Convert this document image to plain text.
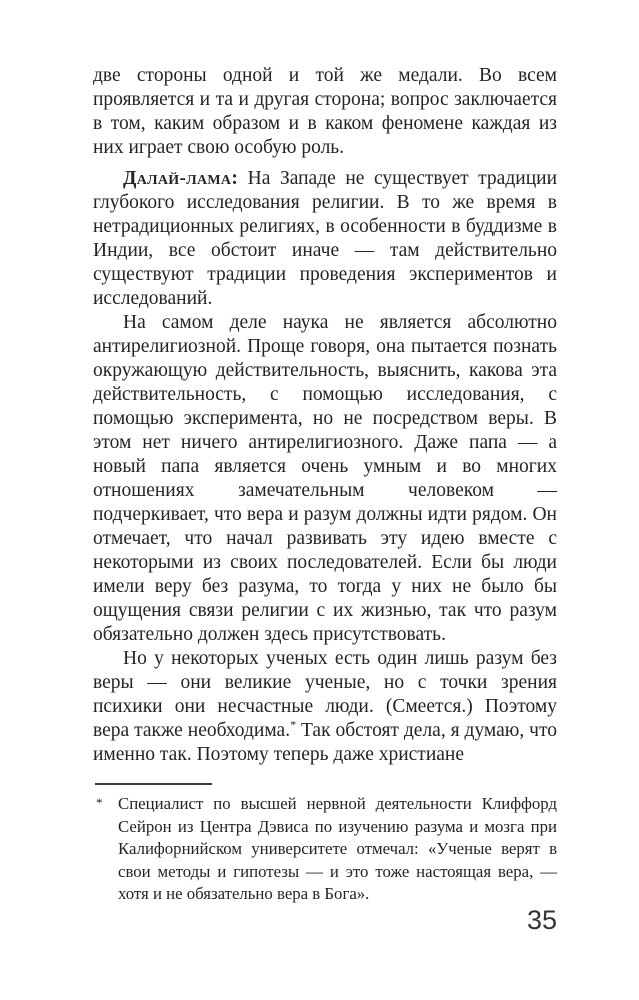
две стороны одной и той же медали. Во всем проявляется и та и другая сторона; вопрос заключается в том, каким образом и в каком феномене каждая из них играет свою особую роль.

Далай-лама: На Западе не существует традиции глубокого исследования религии. В то же время в нетрадиционных религиях, в особенности в буддизме в Индии, все обстоит иначе — там действительно существуют традиции проведения экспериментов и исследований.

На самом деле наука не является абсолютно антирелигиозной. Проще говоря, она пытается познать окружающую действительность, выяснить, какова эта действительность, с помощью исследования, с помощью эксперимента, но не посредством веры. В этом нет ничего антирелигиозного. Даже папа — а новый папа является очень умным и во многих отношениях замечательным человеком — подчеркивает, что вера и разум должны идти рядом. Он отмечает, что начал развивать эту идею вместе с некоторыми из своих последователей. Если бы люди имели веру без разума, то тогда у них не было бы ощущения связи религии с их жизнью, так что разум обязательно должен здесь присутствовать.

Но у некоторых ученых есть один лишь разум без веры — они великие ученые, но с точки зрения психики они несчастные люди. (Смеется.) Поэтому вера также необходима.* Так обстоят дела, я думаю, что именно так. Поэтому теперь даже христиане

* Специалист по высшей нервной деятельности Клиффорд Сейрон из Центра Дэвиса по изучению разума и мозга при Калифорнийском университете отмечал: «Ученые верят в свои методы и гипотезы — и это тоже настоящая вера, — хотя и не обязательно вера в Бога».
35
